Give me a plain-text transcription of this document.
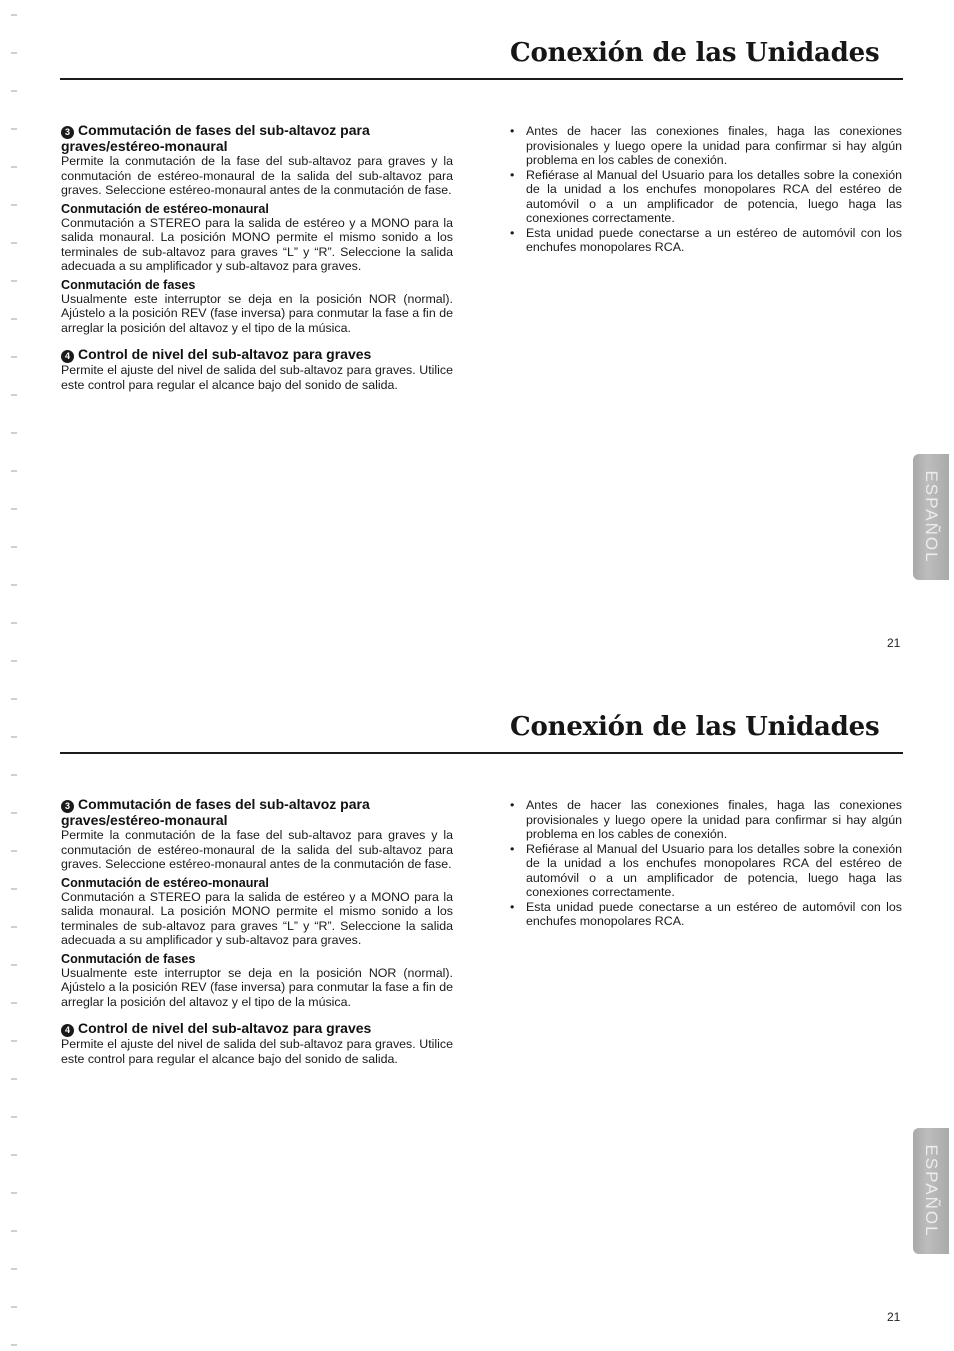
Conexión de las Unidades
3 Commutación de fases del sub-altavoz para graves/estéreo-monaural

Permite la conmutación de la fase del sub-altavoz para graves y la conmutación de estéreo-monaural de la salida del sub-altavoz para graves. Seleccione estéreo-monaural antes de la conmutación de fase.

Conmutación de estéreo-monaural

Conmutación a STEREO para la salida de estéreo y a MONO para la salida monaural. La posición MONO permite el mismo sonido a los terminales de sub-altavoz para graves “L” y “R”. Seleccione la salida adecuada a su amplificador y sub-altavoz para graves.

Conmutación de fases

Usualmente este interruptor se deja en la posición NOR (normal). Ajústelo a la posición REV (fase inversa) para conmutar la fase a fin de arreglar la posición del altavoz y el tipo de la música.

4 Control de nivel del sub-altavoz para graves

Permite el ajuste del nivel de salida del sub-altavoz para graves. Utilice este control para regular el alcance bajo del sonido de salida.

• Antes de hacer las conexiones finales, haga las conexiones provisionales y luego opere la unidad para confirmar si hay algún problema en los cables de conexión.
• Refiérase al Manual del Usuario para los detalles sobre la conexión de la unidad a los enchufes monopolares RCA del estéreo de automóvil o a un amplificador de potencia, luego haga las conexiones correctamente.
• Esta unidad puede conectarse a un estéreo de automóvil con los enchufes monopolares RCA.
ESPAÑOL
21
Conexión de las Unidades
3 Commutación de fases del sub-altavoz para graves/estéreo-monaural

Permite la conmutación de la fase del sub-altavoz para graves y la conmutación de estéreo-monaural de la salida del sub-altavoz para graves. Seleccione estéreo-monaural antes de la conmutación de fase.

Conmutación de estéreo-monaural

Conmutación a STEREO para la salida de estéreo y a MONO para la salida monaural. La posición MONO permite el mismo sonido a los terminales de sub-altavoz para graves “L” y “R”. Seleccione la salida adecuada a su amplificador y sub-altavoz para graves.

Conmutación de fases

Usualmente este interruptor se deja en la posición NOR (normal). Ajústelo a la posición REV (fase inversa) para conmutar la fase a fin de arreglar la posición del altavoz y el tipo de la música.

4 Control de nivel del sub-altavoz para graves

Permite el ajuste del nivel de salida del sub-altavoz para graves. Utilice este control para regular el alcance bajo del sonido de salida.

• Antes de hacer las conexiones finales, haga las conexiones provisionales y luego opere la unidad para confirmar si hay algún problema en los cables de conexión.
• Refiérase al Manual del Usuario para los detalles sobre la conexión de la unidad a los enchufes monopolares RCA del estéreo de automóvil o a un amplificador de potencia, luego haga las conexiones correctamente.
• Esta unidad puede conectarse a un estéreo de automóvil con los enchufes monopolares RCA.
ESPAÑOL
21
